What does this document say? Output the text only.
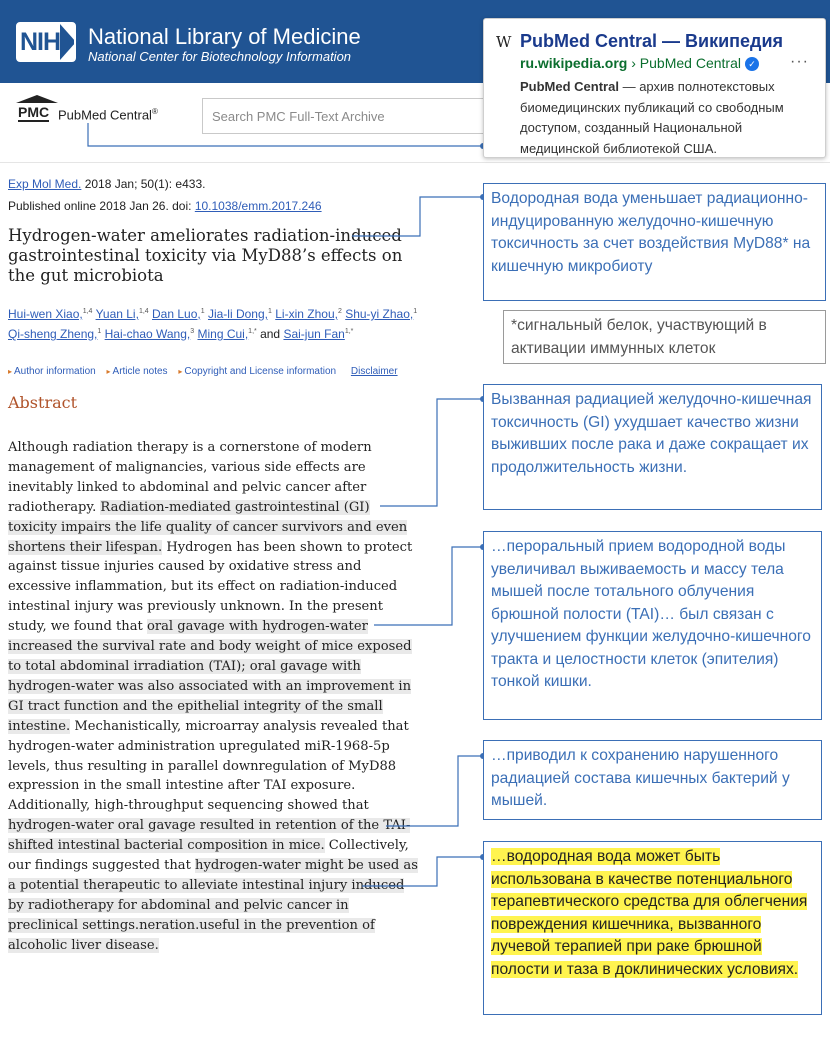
NIH National Library of Medicine
National Center for Biotechnology Information
PMC PubMed Central®
Search PMC Full-Text Archive
Exp Mol Med. 2018 Jan; 50(1): e433.
Published online 2018 Jan 26. doi: 10.1038/emm.2017.246
Hydrogen-water ameliorates radiation-induced gastrointestinal toxicity via MyD88’s effects on the gut microbiota
Hui-wen Xiao,$^{1,4}$ Yuan Li,$^{1,4}$ Dan Luo,$^1$ Jia-li Dong,$^1$ Li-xin Zhou,$^2$ Shu-yi Zhao,$^1$ Qi-sheng Zheng,$^1$ Hai-chao Wang,$^3$ Ming Cui,$^{1,*}$ and Sai-jun Fan$^{1,*}$
▸ Author information ▸ Article notes ▸ Copyright and License information Disclaimer
Abstract
Although radiation therapy is a cornerstone of modern management of malignancies, various side effects are inevitably linked to abdominal and pelvic cancer after radiotherapy. Radiation-mediated gastrointestinal (GI) toxicity impairs the life quality of cancer survivors and even shortens their lifespan. Hydrogen has been shown to protect against tissue injuries caused by oxidative stress and excessive inflammation, but its effect on radiation-induced intestinal injury was previously unknown. In the present study, we found that oral gavage with hydrogen-water increased the survival rate and body weight of mice exposed to total abdominal irradiation (TAI); oral gavage with hydrogen-water was also associated with an improvement in GI tract function and the epithelial integrity of the small intestine. Mechanistically, microarray analysis revealed that hydrogen-water administration upregulated miR-1968-5p levels, thus resulting in parallel downregulation of MyD88 expression in the small intestine after TAI exposure. Additionally, high-throughput sequencing showed that hydrogen-water oral gavage resulted in retention of the TAI-shifted intestinal bacterial composition in mice. Collectively, our findings suggested that hydrogen-water might be used as a potential therapeutic to alleviate intestinal injury induced by radiotherapy for abdominal and pelvic cancer in preclinical settings.neration.useful in the prevention of alcoholic liver disease.
W PubMed Central — Википедия
ru.wikipedia.org › PubMed Central ✓ ···
PubMed Central — архив полнотекстовых биомедицинских публикаций со свободным доступом, созданный Национальной медицинской библиотекой США.
Водородная вода уменьшает радиационно-индуцированную желудочно-кишечную токсичность за счет воздействия MyD88* на кишечную микробиоту
*сигнальный белок, участвующий в активации иммунных клеток
Вызванная радиацией желудочно-кишечная токсичность (GI) ухудшает качество жизни выживших после рака и даже сокращает их продолжительность жизни.
…пероральный прием водородной воды увеличивал выживаемость и массу тела мышей после тотального облучения брюшной полости (TAI)… был связан с улучшением функции желудочно-кишечного тракта и целостности клеток (эпителия) тонкой кишки.
…приводил к сохранению нарушенного радиацией состава кишечных бактерий у мышей.
…водородная вода может быть использована в качестве потенциального терапевтического средства для облегчения повреждения кишечника, вызванного лучевой терапией при раке брюшной полости и таза в доклинических условиях.
